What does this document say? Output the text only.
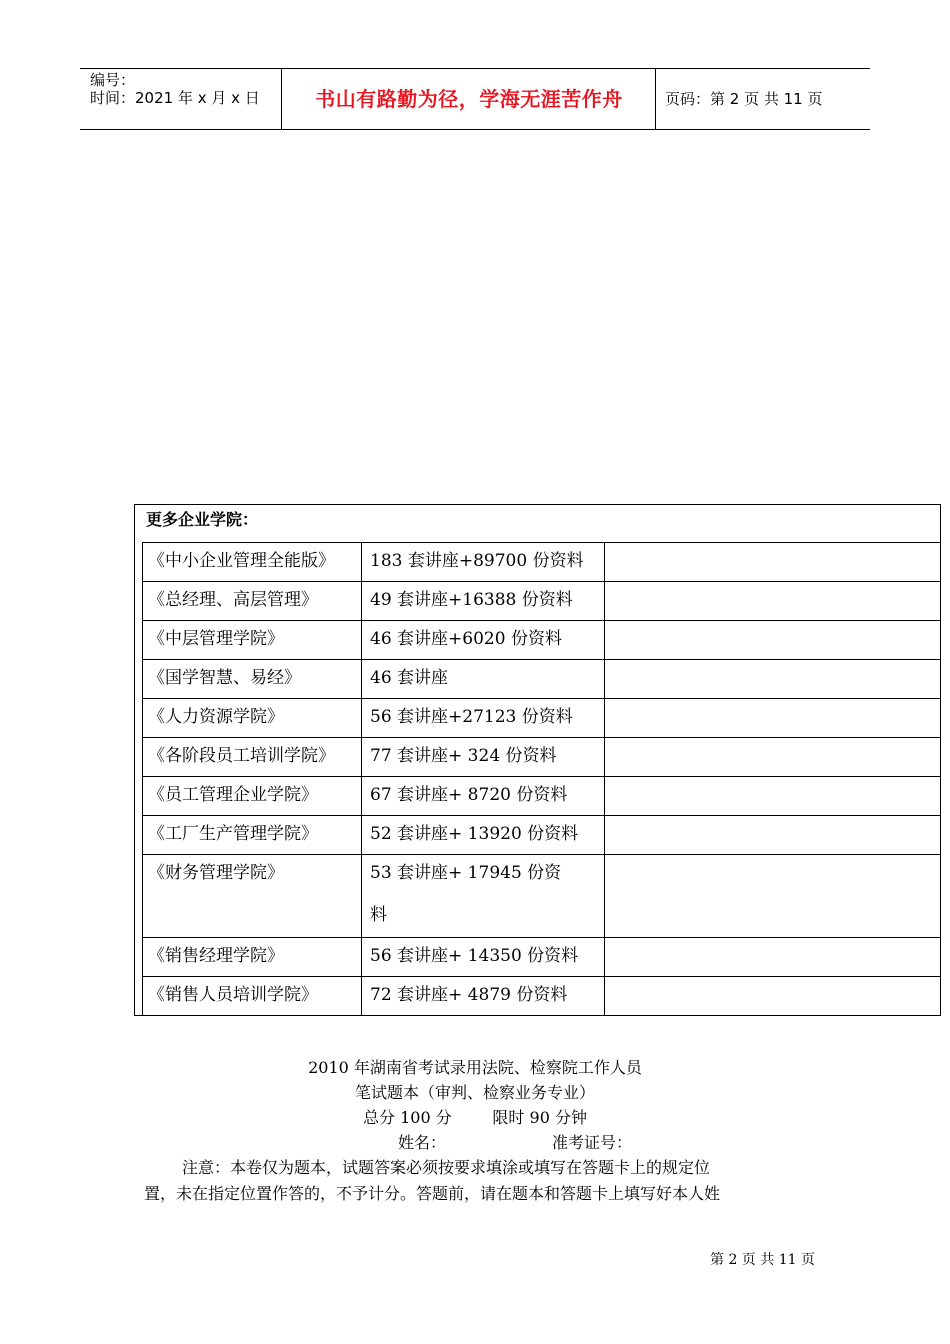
编号：
时间：2021 年 x 月 x 日	书山有路勤为径，学海无涯苦作舟	页码：第 2 页 共 11 页
更多企业学院：
《中小企业管理全能版》 183 套讲座+89700 份资料
《总经理、高层管理》	49 套讲座+16388 份资料
《中层管理学院》	46 套讲座+6020 份资料
《国学智慧、易经》	46 套讲座
《人力资源学院》	56 套讲座+27123 份资料
《各阶段员工培训学院》 77 套讲座+ 324 份资料
《员工管理企业学院》	67 套讲座+ 8720 份资料
《工厂生产管理学院》	52 套讲座+ 13920 份资料
《财务管理学院》	53 套讲座+ 17945 份资
料
《销售经理学院》	56 套讲座+ 14350 份资料
《销售人员培训学院》	72 套讲座+ 4879 份资料
2010 年湖南省考试录用法院、检察院工作人员
笔试题本（审判、检察业务专业）
总分 100 分        限时 90 分钟
姓名：	准考证号：
注意：本卷仅为题本，试题答案必须按要求填涂或填写在答题卡上的规定位
置，未在指定位置作答的，不予计分。答题前，请在题本和答题卡上填写好本人姓
第 2 页 共 11 页
